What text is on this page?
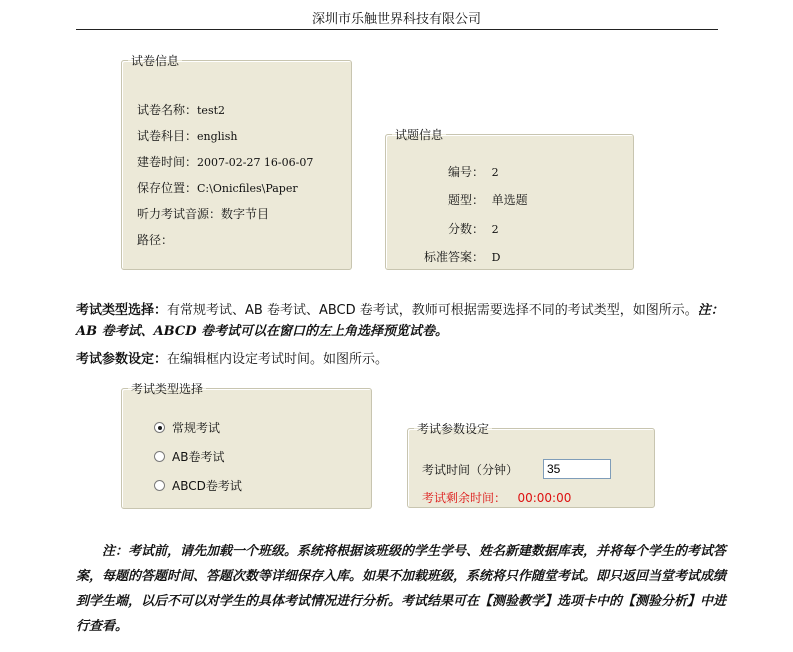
深圳市乐触世界科技有限公司
试卷信息
试卷名称：test2
试卷科目：english
建卷时间：2007-02-27 16-06-07
保存位置：C:\Onicfiles\Paper
听力考试音源：数字节目
路径：
试题信息
编号： 2
题型： 单选题
分数： 2
标准答案： D
考试类型选择：有常规考试、AB 卷考试、ABCD 卷考试，教师可根据需要选择不同的考试类型，如图所示。注：AB 卷考试、ABCD 卷考试可以在窗口的左上角选择预览试卷。
考试参数设定：在编辑框内设定考试时间。如图所示。
考试类型选择
常规考试
AB卷考试
ABCD卷考试
考试参数设定
考试时间（分钟）
35
考试剩余时间： 00:00:00
注：考试前，请先加载一个班级。系统将根据该班级的学生学号、姓名新建数据库表，并将每个学生的考试答案，每题的答题时间、答题次数等详细保存入库。如果不加载班级，系统将只作随堂考试。即只返回当堂考试成绩到学生端，以后不可以对学生的具体考试情况进行分析。考试结果可在【测验教学】选项卡中的【测验分析】中进行查看。
